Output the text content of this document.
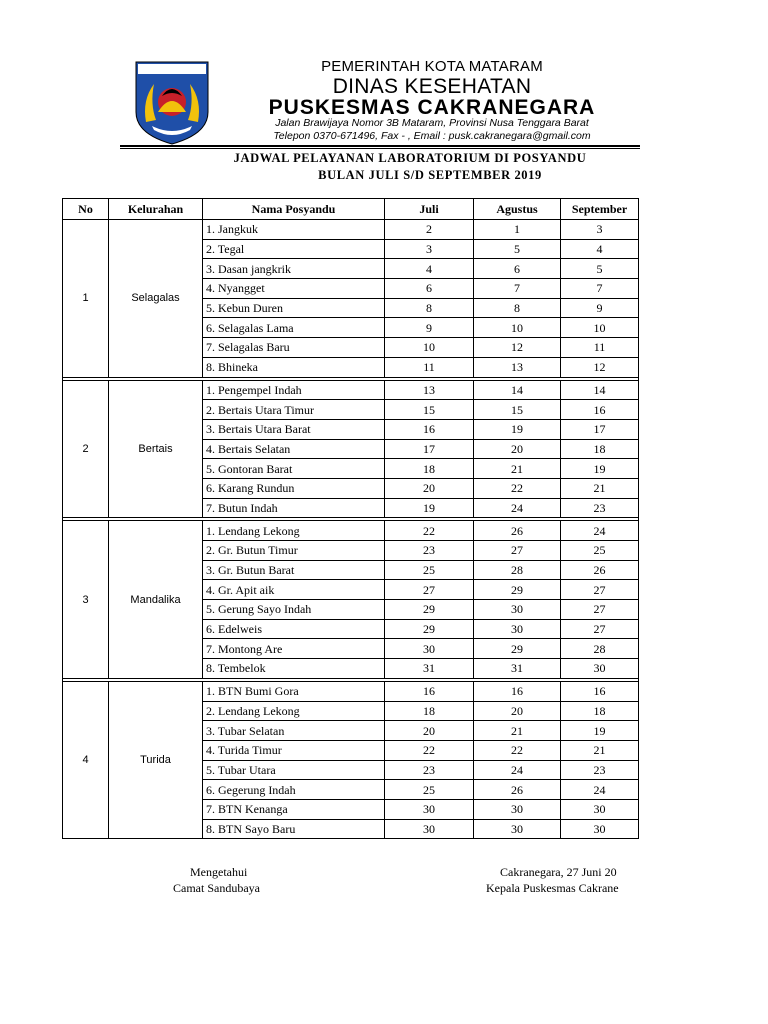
PEMERINTAH KOTA MATARAM
DINAS KESEHATAN
PUSKESMAS CAKRANEGARA
Jalan Brawijaya Nomor 3B Mataram, Provinsi Nusa Tenggara Barat
Telepon 0370-671496, Fax - , Email : pusk.cakranegara@gmail.com
JADWAL PELAYANAN LABORATORIUM DI POSYANDU
BULAN JULI S/D SEPTEMBER 2019
No	Kelurahan	Nama Posyandu	Juli	Agustus	September
1	Selagalas	1. Jangkuk	2	1	3
		2. Tegal	3	5	4
		3. Dasan jangkrik	4	6	5
		4. Nyangget	6	7	7
		5. Kebun Duren	8	8	9
		6. Selagalas Lama	9	10	10
		7. Selagalas Baru	10	12	11
		8. Bhineka	11	13	12

2	Bertais	1. Pengempel Indah	13	14	14
		2. Bertais Utara Timur	15	15	16
		3. Bertais Utara Barat	16	19	17
		4. Bertais Selatan	17	20	18
		5. Gontoran Barat	18	21	19
		6. Karang Rundun	20	22	21
		7. Butun Indah	19	24	23

3	Mandalika	1. Lendang Lekong	22	26	24
		2. Gr. Butun Timur	23	27	25
		3. Gr. Butun Barat	25	28	26
		4. Gr. Apit aik	27	29	27
		5. Gerung Sayo Indah	29	30	27
		6. Edelweis	29	30	27
		7. Montong Are	30	29	28
		8. Tembelok	31	31	30

4	Turida	1. BTN Bumi Gora	16	16	16
		2. Lendang Lekong	18	20	18
		3. Tubar Selatan	20	21	19
		4. Turida Timur	22	22	21
		5. Tubar Utara	23	24	23
		6. Gegerung Indah	25	26	24
		7. BTN Kenanga	30	30	30
		8. BTN Sayo Baru	30	30	30
Mengetahui
Camat Sandubaya
Cakranegara, 27 Juni 20
Kepala Puskesmas Cakrane
